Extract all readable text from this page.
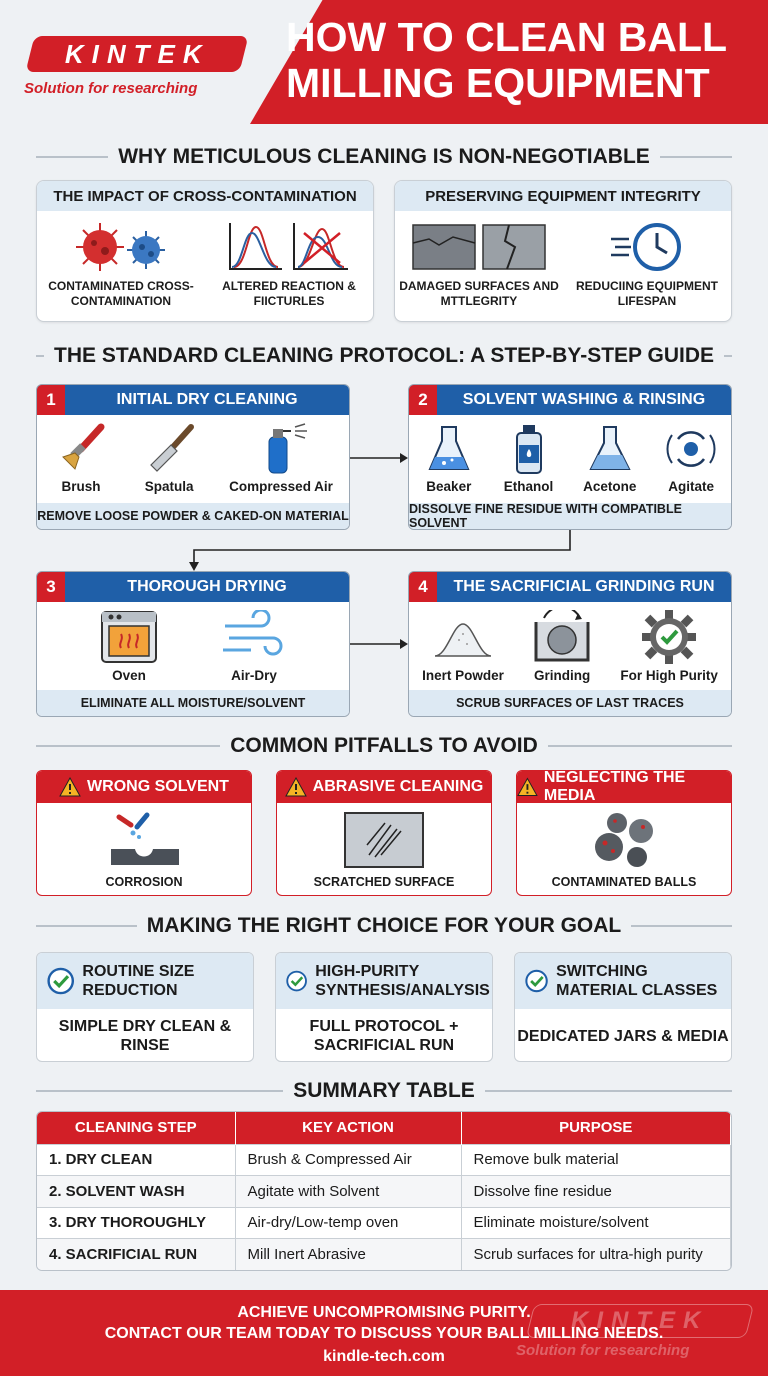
KINTEK
Solution for researching
HOW TO CLEAN BALL MILLING EQUIPMENT
WHY METICULOUS CLEANING IS NON-NEGOTIABLE
THE IMPACT OF CROSS-CONTAMINATION
CONTAMINATED CROSS-CONTAMINATION
ALTERED REACTION & FIICTURLES
PRESERVING EQUIPMENT INTEGRITY
DAMAGED SURFACES AND MTTLEGRITY
REDUCIING EQUIPMENT LIFESPAN
THE STANDARD CLEANING PROTOCOL: A STEP-BY-STEP GUIDE
1	INITIAL DRY CLEANING
Brush	Spatula	Compressed Air
REMOVE LOOSE POWDER & CAKED-ON MATERIAL
2	SOLVENT WASHING & RINSING
Beaker Ethanol Acetone Agitate
DISSOLVE FINE RESIDUE WITH COMPATIBLE SOLVENT
3	THOROUGH DRYING
Oven	Air-Dry
ELIMINATE ALL MOISTURE/SOLVENT
4	THE SACRIFICIAL GRINDING RUN
Inert Powder Grinding For High Purity
SCRUB SURFACES OF LAST TRACES
COMMON PITFALLS TO AVOID
WRONG SOLVENT
CORROSION
ABRASIVE CLEANING
SCRATCHED SURFACE
NEGLECTING THE MEDIA
CONTAMINATED BALLS
MAKING THE RIGHT CHOICE FOR YOUR GOAL
ROUTINE SIZE REDUCTION
SIMPLE DRY CLEAN & RINSE
HIGH-PURITY SYNTHESIS/ANALYSIS
FULL PROTOCOL + SACRIFICIAL RUN
SWITCHING MATERIAL CLASSES
DEDICATED JARS & MEDIA
SUMMARY TABLE
CLEANING STEP	KEY ACTION	PURPOSE
1. DRY CLEAN	Brush & Compressed Air	Remove bulk material
2. SOLVENT WASH	Agitate with Solvent	Dissolve fine residue
3. DRY THOROUGHLY	Air-dry/Low-temp oven	Eliminate moisture/solvent
4. SACRIFICIAL RUN	Mill Inert Abrasive	Scrub surfaces for ultra-high purity
KINTEK
Solution for researching
ACHIEVE UNCOMPROMISING PURITY.
CONTACT OUR TEAM TODAY TO DISCUSS YOUR BALL MILLING NEEDS.
kindle-tech.com
